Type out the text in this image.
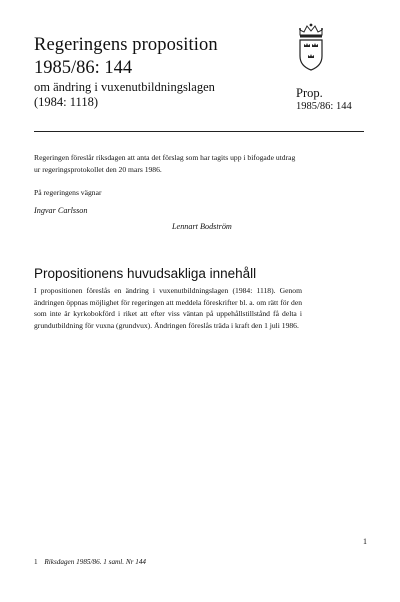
Regeringens proposition
1985/86: 144
om ändring i vuxenutbildningslagen
(1984: 1118)
Prop.
1985/86: 144
Regeringen föreslår riksdagen att anta det förslag som har tagits upp i bifogade utdrag ur regeringsprotokollet den 20 mars 1986.
På regeringens vägnar
Ingvar Carlsson
Lennart Bodström
Propositionens huvudsakliga innehåll
I propositionen föreslås en ändring i vuxenutbildningslagen (1984: 1118). Genom ändringen öppnas möjlighet för regeringen att meddela föreskrifter bl. a. om rätt för den som inte är kyrkobokförd i riket att efter viss väntan på uppehållstillstånd få delta i grundutbildning för vuxna (grundvux). Ändringen föreslås träda i kraft den 1 juli 1986.
1
1 Riksdagen 1985/86. 1 saml. Nr 144
